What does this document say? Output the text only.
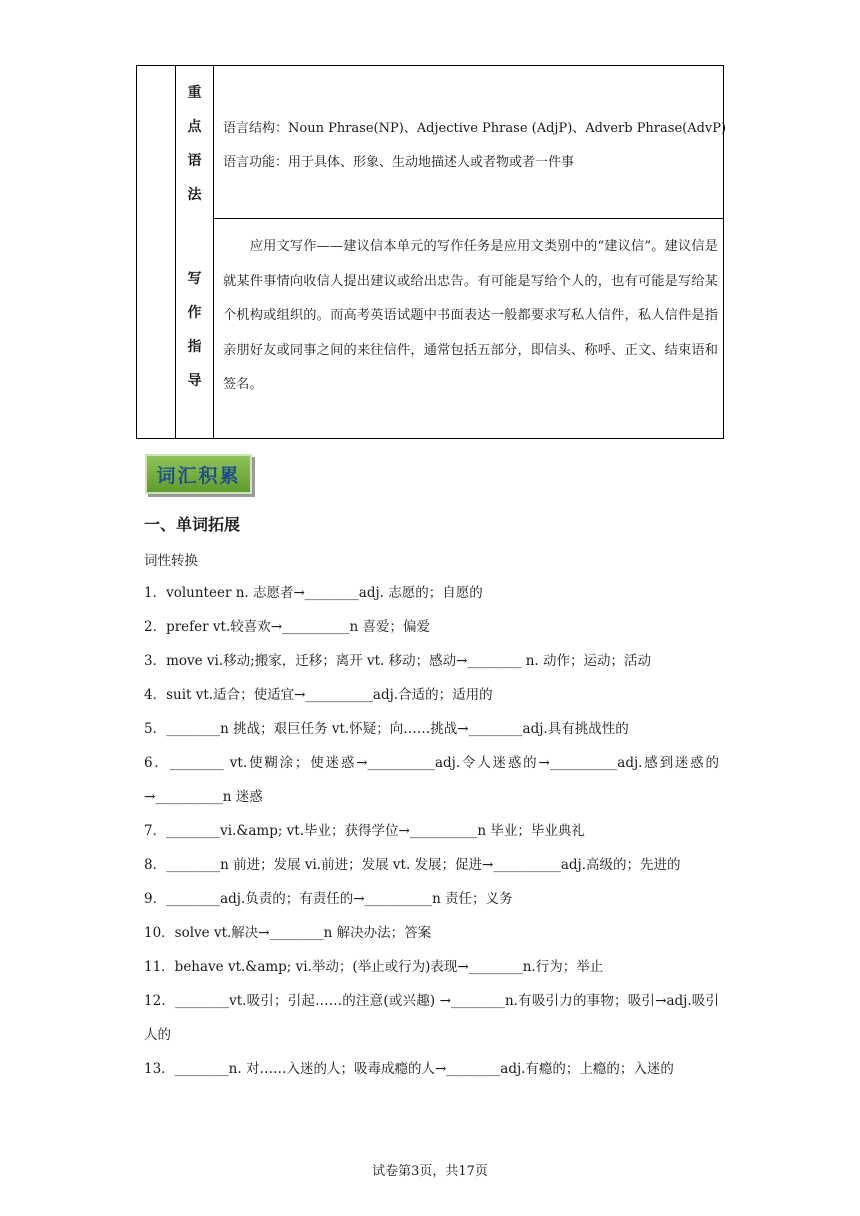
重
点
语
法
语言结构：Noun Phrase(NP)、Adjective Phrase (AdjP)、Adverb Phrase(AdvP)
语言功能：用于具体、形象、生动地描述人或者物或者一件事
写
作
指
导
　　应用文写作——建议信本单元的写作任务是应用文类别中的“建议信”。建议信是就某件事情向收信人提出建议或给出忠告。有可能是写给个人的，也有可能是写给某个机构或组织的。而高考英语试题中书面表达一般都要求写私人信件，私人信件是指亲朋好友或同事之间的来往信件，通常包括五部分，即信头、称呼、正文、结束语和签名。
词汇积累
一、单词拓展
词性转换
1．volunteer n. 志愿者→________adj. 志愿的；自愿的
2．prefer vt.较喜欢→__________n 喜爱；偏爱
3．move vi.移动;搬家，迁移；离开 vt. 移动；感动→________ n. 动作；运动；活动
4．suit vt.适合；使适宜→__________adj.合适的；适用的
5．________n 挑战；艰巨任务 vt.怀疑；向……挑战→________adj.具有挑战性的
6．________ vt.使糊涂；使迷惑→__________adj.令人迷惑的→__________adj.感到迷惑的→__________n 迷惑
7．________vi.&amp; vt.毕业；获得学位→__________n 毕业；毕业典礼
8．________n 前进；发展 vi.前进；发展 vt. 发展；促进→__________adj.高级的；先进的
9．________adj.负责的；有责任的→__________n 责任；义务
10．solve vt.解决→________n 解决办法；答案
11．behave vt.&amp; vi.举动；(举止或行为)表现→________n.行为；举止
12．________vt.吸引；引起……的注意(或兴趣) →________n.有吸引力的事物；吸引→adj.吸引人的
13．________n. 对……入迷的人；吸毒成瘾的人→________adj.有瘾的；上瘾的；入迷的
试卷第3页，共17页
